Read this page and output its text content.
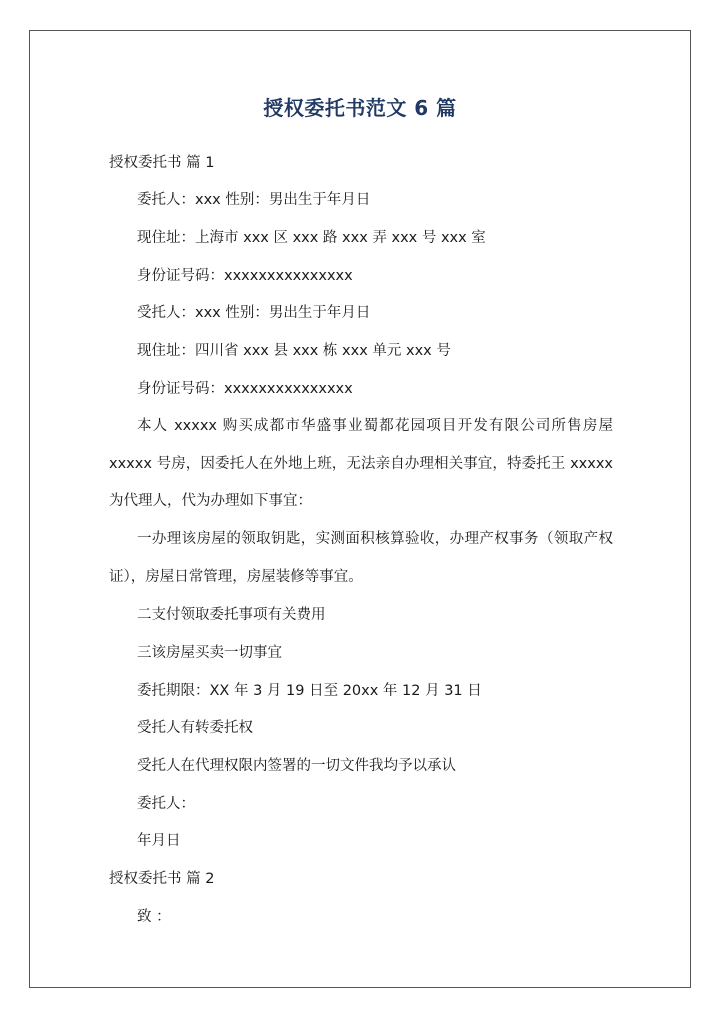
授权委托书范文 6 篇
授权委托书 篇 1
委托人：xxx 性别：男出生于年月日
现住址：上海市 xxx 区 xxx 路 xxx 弄 xxx 号 xxx 室
身份证号码：xxxxxxxxxxxxxxx
受托人：xxx 性别：男出生于年月日
现住址：四川省 xxx 县 xxx 栋 xxx 单元 xxx 号
身份证号码：xxxxxxxxxxxxxxx
本人 xxxxx 购买成都市华盛事业蜀都花园项目开发有限公司所售房屋 xxxxx 号房，因委托人在外地上班，无法亲自办理相关事宜，特委托王 xxxxx 为代理人，代为办理如下事宜：
一办理该房屋的领取钥匙，实测面积核算验收，办理产权事务（领取产权证），房屋日常管理，房屋装修等事宜。
二支付领取委托事项有关费用
三该房屋买卖一切事宜
委托期限：XX 年 3 月 19 日至 20xx 年 12 月 31 日
受托人有转委托权
受托人在代理权限内签署的一切文件我均予以承认
委托人：
年月日
授权委托书 篇 2
致 ：
